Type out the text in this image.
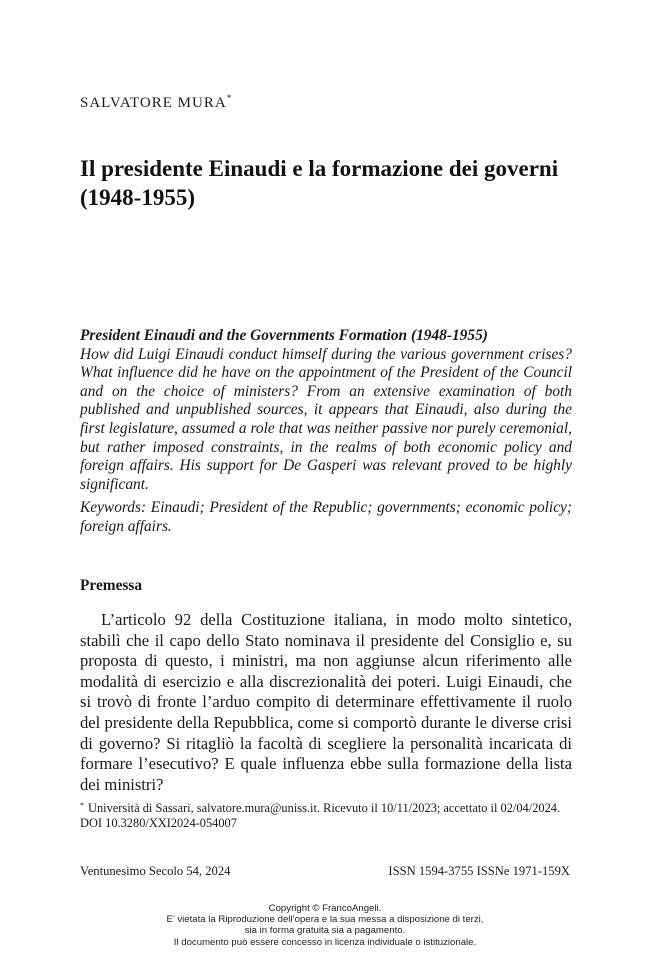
SALVATORE MURA*
Il presidente Einaudi e la formazione dei governi (1948-1955)
President Einaudi and the Governments Formation (1948-1955)
How did Luigi Einaudi conduct himself during the various government crises? What influence did he have on the appointment of the President of the Council and on the choice of ministers? From an extensive examination of both published and unpublished sources, it appears that Einaudi, also during the first legislature, assumed a role that was neither passive nor purely ceremonial, but rather imposed constraints, in the realms of both economic policy and foreign affairs. His support for De Gasperi was relevant proved to be highly significant.
Keywords: Einaudi; President of the Republic; governments; economic policy; foreign affairs.
Premessa
L’articolo 92 della Costituzione italiana, in modo molto sintetico, stabilì che il capo dello Stato nominava il presidente del Consiglio e, su proposta di questo, i ministri, ma non aggiunse alcun riferimento alle modalità di esercizio e alla discrezionalità dei poteri. Luigi Einaudi, che si trovò di fronte l’arduo compito di determinare effettivamente il ruolo del presidente della Repubblica, come si comportò durante le diverse crisi di governo? Si ritagliò la facoltà di scegliere la personalità incaricata di formare l’esecutivo? E quale influenza ebbe sulla formazione della lista dei ministri?
* Università di Sassari, salvatore.mura@uniss.it. Ricevuto il 10/11/2023; accettato il 02/04/2024.
DOI 10.3280/XXI2024-054007
Ventunesimo Secolo 54, 2024	ISSN 1594-3755 ISSNe 1971-159X
Copyright © FrancoAngeli.
E’ vietata la Riproduzione dell’opera e la sua messa a disposizione di terzi,
sia in forma gratuita sia a pagamento.
Il documento può essere concesso in licenza individuale o istituzionale.
